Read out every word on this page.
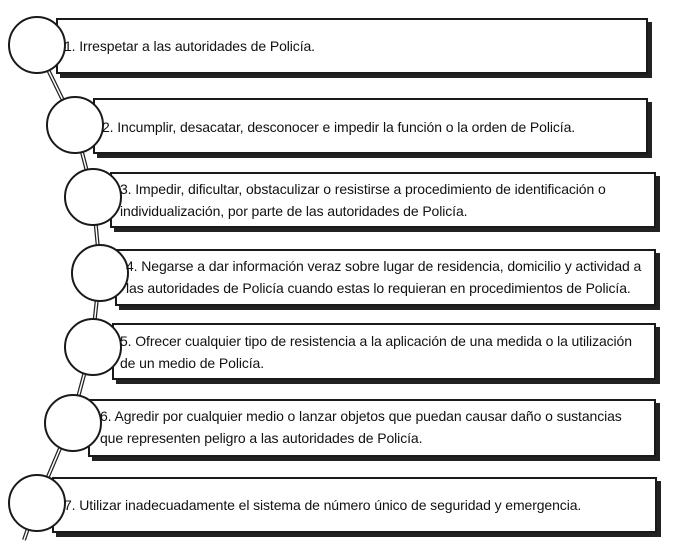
1. Irrespetar a las autoridades de Policía.
2. Incumplir, desacatar, desconocer e impedir la función o la orden de Policía.
3. Impedir, dificultar, obstaculizar o resistirse a procedimiento de identificación o individualización, por parte de las autoridades de Policía.
4. Negarse a dar información veraz sobre lugar de residencia, domicilio y actividad a las autoridades de Policía cuando estas lo requieran en procedimientos de Policía.
5. Ofrecer cualquier tipo de resistencia a la aplicación de una medida o la utilización de un medio de Policía.
6. Agredir por cualquier medio o lanzar objetos que puedan causar daño o sustancias que representen peligro a las autoridades de Policía.
7. Utilizar inadecuadamente el sistema de número único de seguridad y emergencia.
